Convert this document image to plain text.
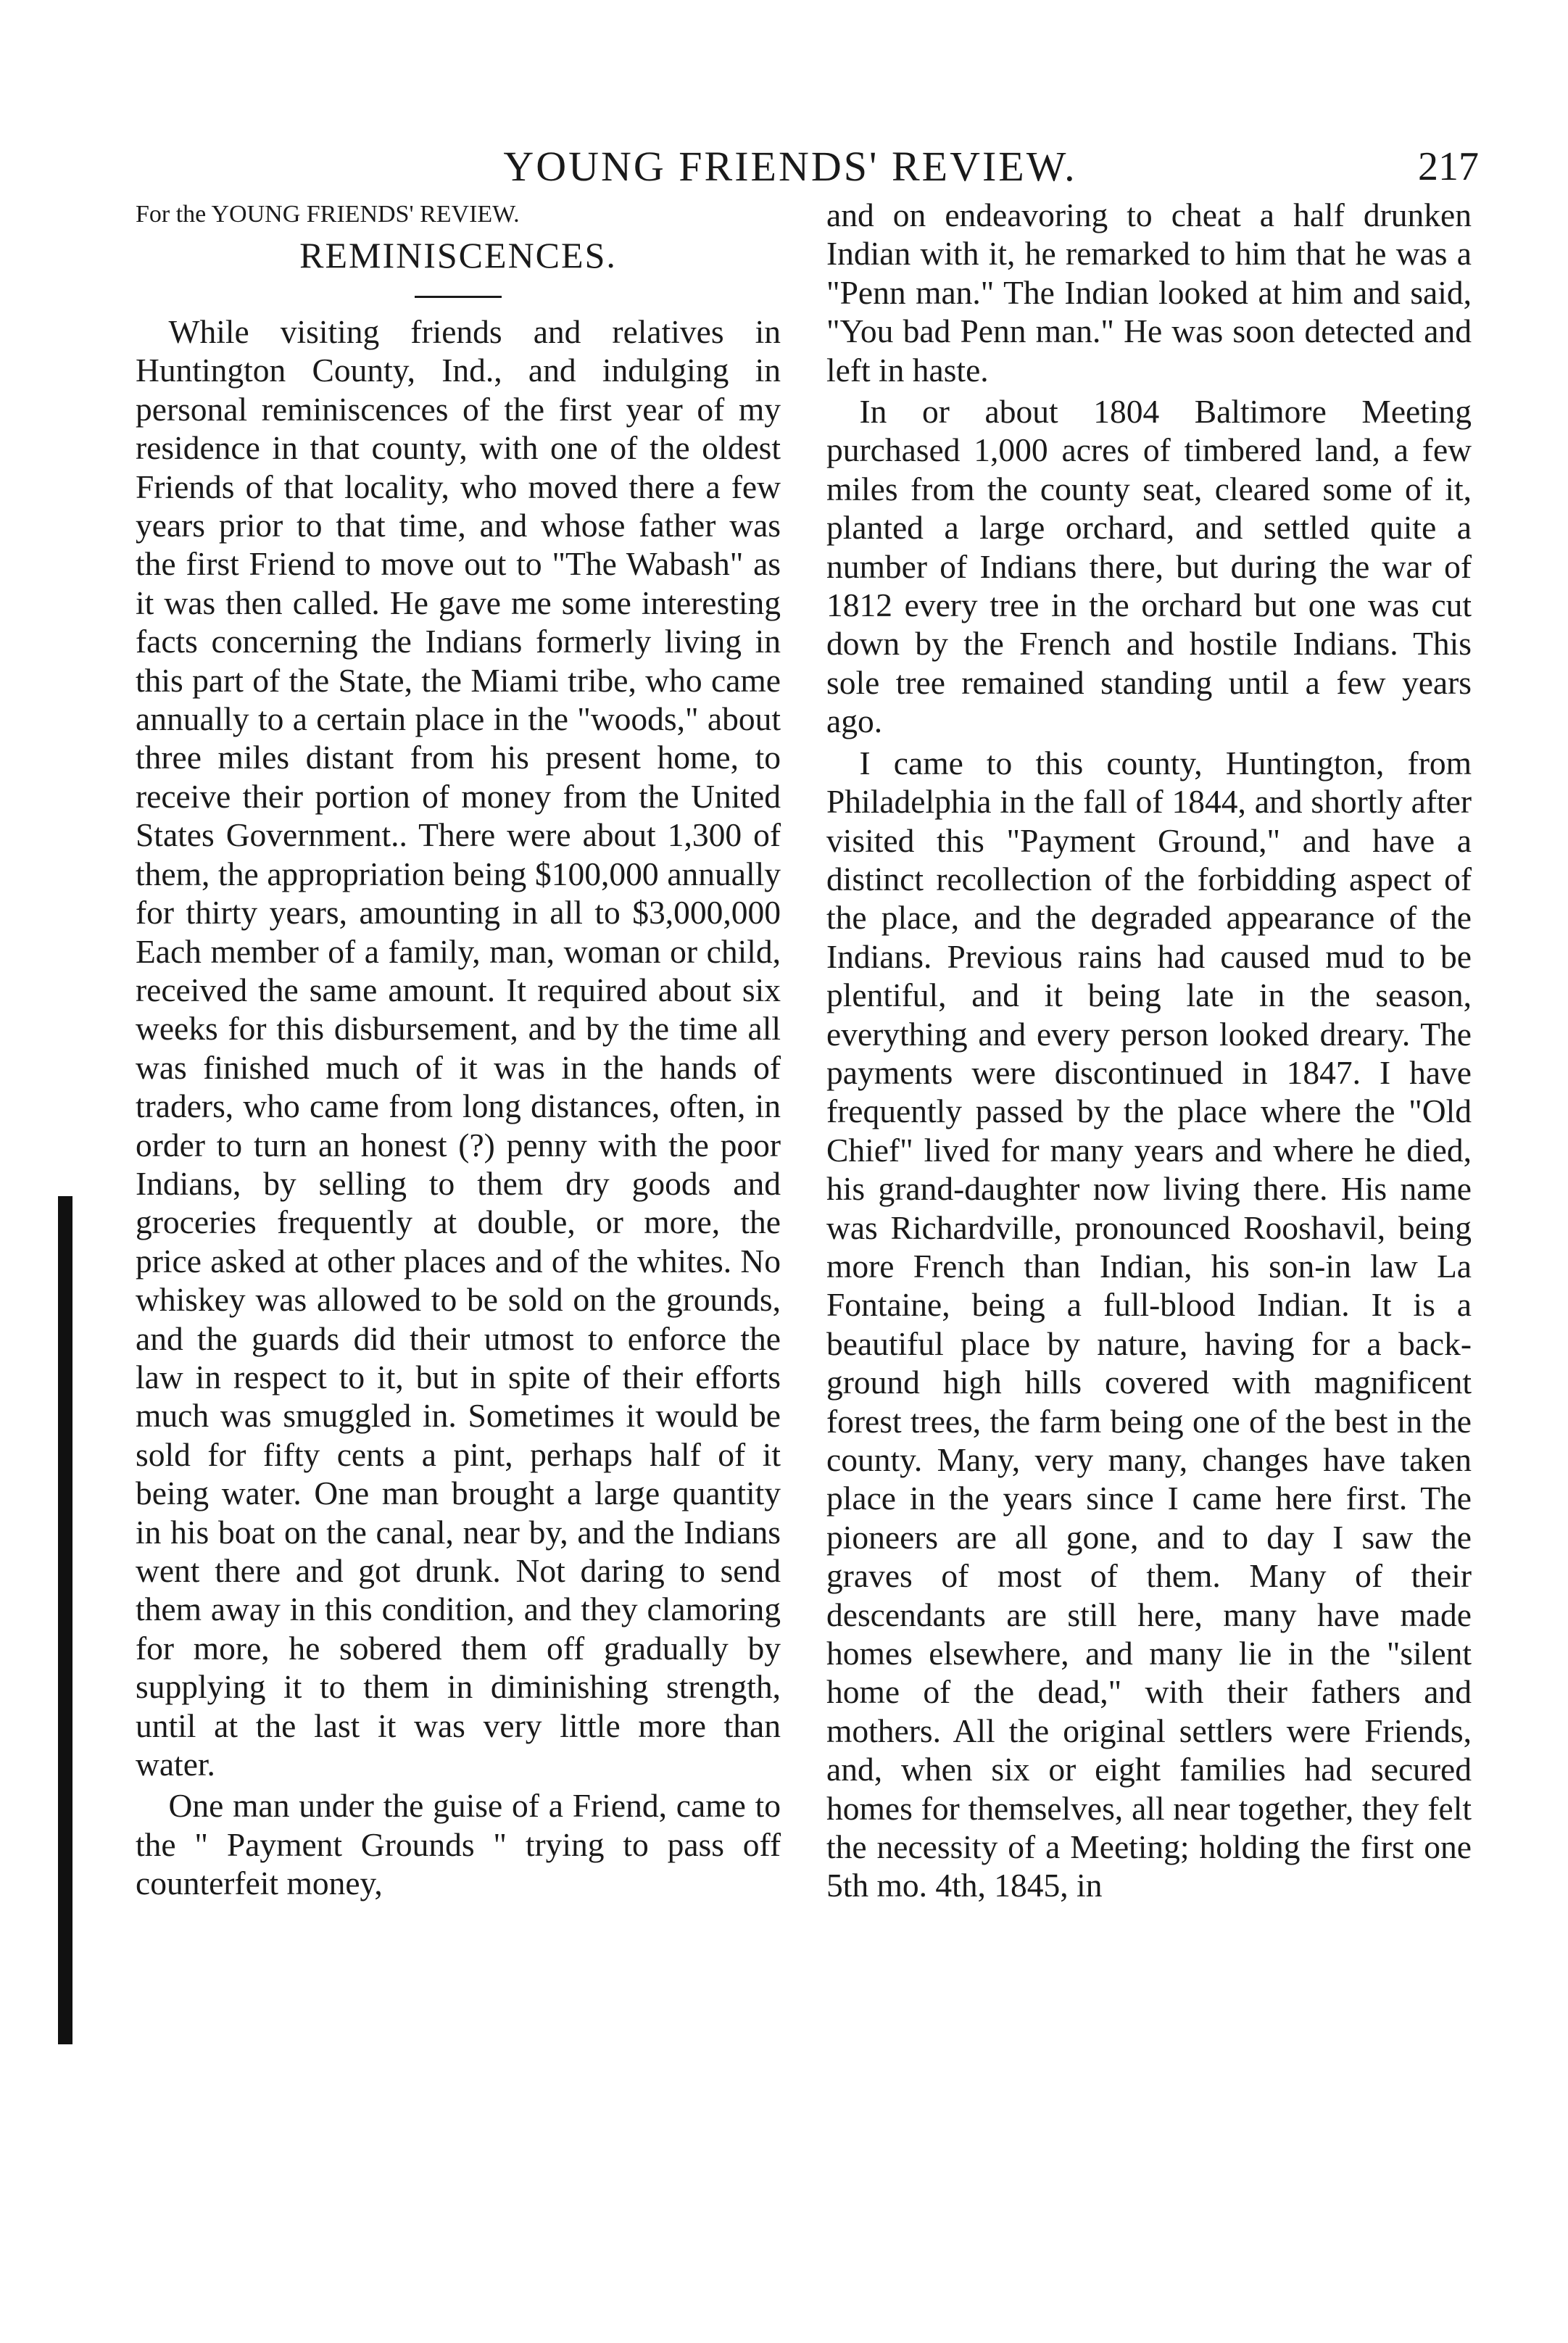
YOUNG FRIENDS' REVIEW.	217
For the YOUNG FRIENDS' REVIEW.
REMINISCENCES.

While visiting friends and relatives in Huntington County, Ind., and indulging in personal reminiscences of the first year of my residence in that county, with one of the oldest Friends of that locality, who moved there a few years prior to that time, and whose father was the first Friend to move out to "The Wabash" as it was then called. He gave me some interesting facts concerning the Indians formerly living in this part of the State, the Miami tribe, who came annually to a certain place in the "woods," about three miles distant from his present home, to receive their portion of money from the United States Government.. There were about 1,300 of them, the appropriation being $100,000 annually for thirty years, amounting in all to $3,000,000 Each member of a family, man, woman or child, received the same amount. It required about six weeks for this disbursement, and by the time all was finished much of it was in the hands of traders, who came from long distances, often, in order to turn an honest (?) penny with the poor Indians, by selling to them dry goods and groceries frequently at double, or more, the price asked at other places and of the whites. No whiskey was allowed to be sold on the grounds, and the guards did their utmost to enforce the law in respect to it, but in spite of their efforts much was smuggled in. Sometimes it would be sold for fifty cents a pint, perhaps half of it being water. One man brought a large quantity in his boat on the canal, near by, and the Indians went there and got drunk. Not daring to send them away in this condition, and they clamoring for more, he sobered them off gradually by supplying it to them in diminishing strength, until at the last it was very little more than water.

One man under the guise of a Friend, came to the " Payment Grounds " trying to pass off counterfeit money,

and on endeavoring to cheat a half drunken Indian with it, he remarked to him that he was a "Penn man." The Indian looked at him and said, "You bad Penn man." He was soon detected and left in haste.

In or about 1804 Baltimore Meeting purchased 1,000 acres of timbered land, a few miles from the county seat, cleared some of it, planted a large orchard, and settled quite a number of Indians there, but during the war of 1812 every tree in the orchard but one was cut down by the French and hostile Indians. This sole tree remained standing until a few years ago.

I came to this county, Huntington, from Philadelphia in the fall of 1844, and shortly after visited this "Payment Ground," and have a distinct recollection of the forbidding aspect of the place, and the degraded appearance of the Indians. Previous rains had caused mud to be plentiful, and it being late in the season, everything and every person looked dreary. The payments were discontinued in 1847. I have frequently passed by the place where the "Old Chief" lived for many years and where he died, his grand-daughter now living there. His name was Richardville, pronounced Rooshavil, being more French than Indian, his son-in law La Fontaine, being a full-blood Indian. It is a beautiful place by nature, having for a back-ground high hills covered with magnificent forest trees, the farm being one of the best in the county. Many, very many, changes have taken place in the years since I came here first. The pioneers are all gone, and to day I saw the graves of most of them. Many of their descendants are still here, many have made homes elsewhere, and many lie in the "silent home of the dead," with their fathers and mothers. All the original settlers were Friends, and, when six or eight families had secured homes for themselves, all near together, they felt the necessity of a Meeting; holding the first one 5th mo. 4th, 1845, in
